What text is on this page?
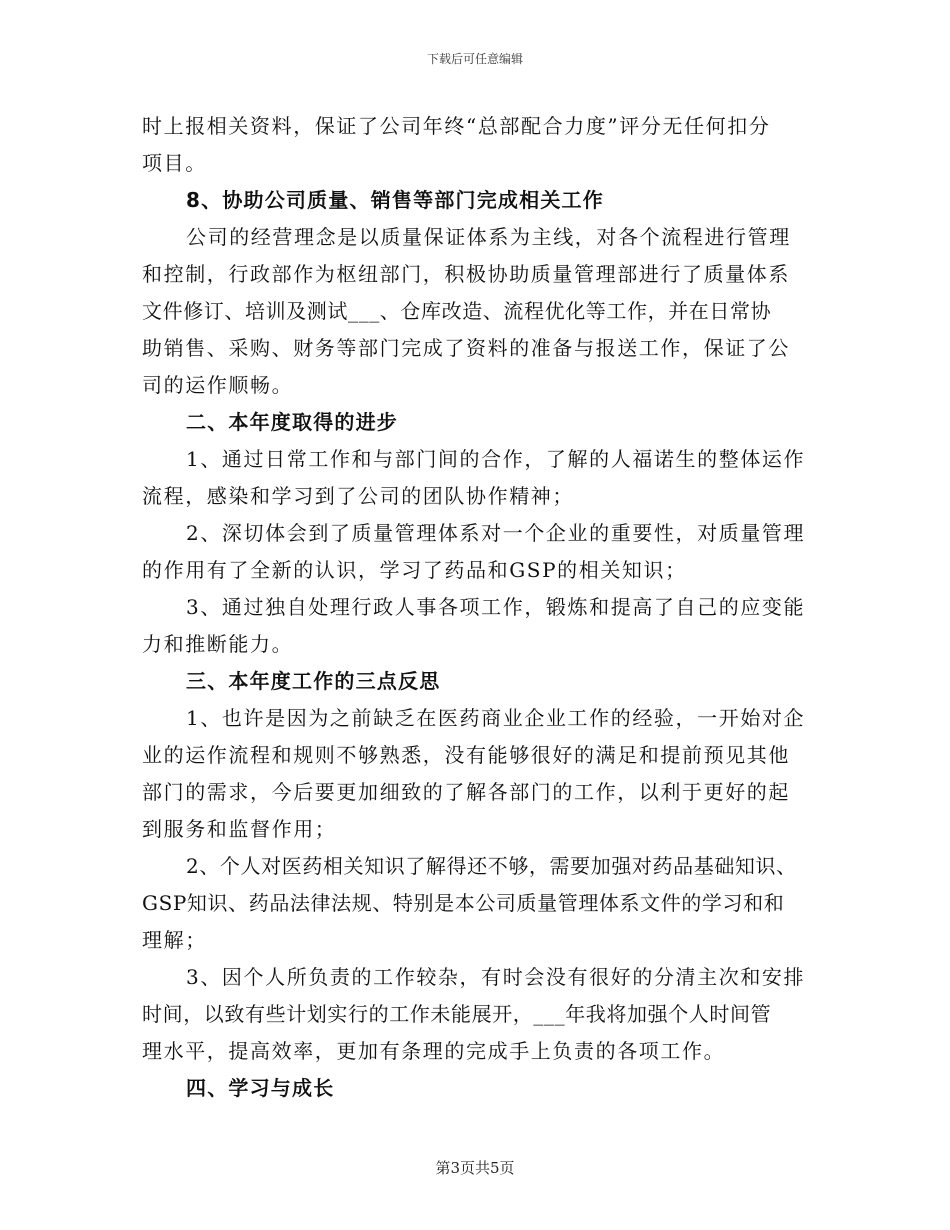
下载后可任意编辑
时上报相关资料，保证了公司年终“总部配合力度”评分无任何扣分
项目。
8、协助公司质量、销售等部门完成相关工作
公司的经营理念是以质量保证体系为主线，对各个流程进行管理
和控制，行政部作为枢纽部门，积极协助质量管理部进行了质量体系
文件修订、培训及测试___、仓库改造、流程优化等工作，并在日常协
助销售、采购、财务等部门完成了资料的准备与报送工作，保证了公
司的运作顺畅。
二、本年度取得的进步
1、通过日常工作和与部门间的合作，了解的人福诺生的整体运作
流程，感染和学习到了公司的团队协作精神；
2、深切体会到了质量管理体系对一个企业的重要性，对质量管理
的作用有了全新的认识，学习了药品和GSP的相关知识；
3、通过独自处理行政人事各项工作，锻炼和提高了自己的应变能
力和推断能力。
三、本年度工作的三点反思
1、也许是因为之前缺乏在医药商业企业工作的经验，一开始对企
业的运作流程和规则不够熟悉，没有能够很好的满足和提前预见其他
部门的需求，今后要更加细致的了解各部门的工作，以利于更好的起
到服务和监督作用；
2、个人对医药相关知识了解得还不够，需要加强对药品基础知识、
GSP知识、药品法律法规、特别是本公司质量管理体系文件的学习和和
理解；
3、因个人所负责的工作较杂，有时会没有很好的分清主次和安排
时间，以致有些计划实行的工作未能展开，___年我将加强个人时间管
理水平，提高效率，更加有条理的完成手上负责的各项工作。
四、学习与成长
第3页共5页
